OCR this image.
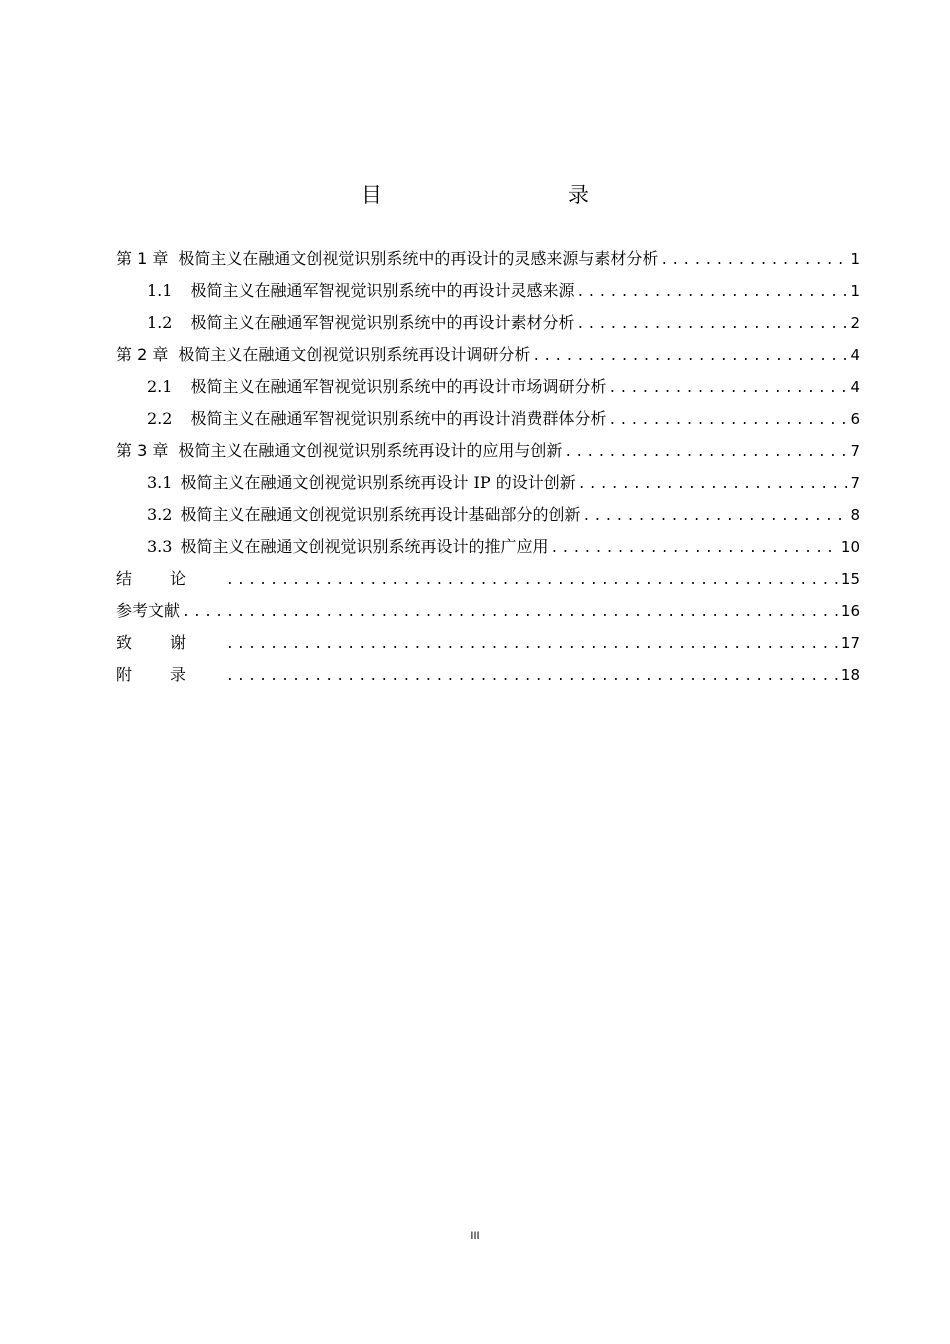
目　　录
第 1 章 极简主义在融通文创视觉识别系统中的再设计的灵感来源与素材分析 .....	1
1.1 极简主义在融通军智视觉识别系统中的再设计灵感来源 .....	1
1.2 极简主义在融通军智视觉识别系统中的再设计素材分析 .....	2
第 2 章 极简主义在融通文创视觉识别系统再设计调研分析 .....	4
2.1 极简主义在融通军智视觉识别系统中的再设计市场调研分析 .....	4
2.2 极简主义在融通军智视觉识别系统中的再设计消费群体分析 .....	6
第 3 章 极简主义在融通文创视觉识别系统再设计的应用与创新 .....	7
3.1 极简主义在融通文创视觉识别系统再设计 IP 的设计创新 .....	7
3.2 极简主义在融通文创视觉识别系统再设计基础部分的创新 .....	8
3.3 极简主义在融通文创视觉识别系统再设计的推广应用 .....	10
结论 .....	15
参考文献 .....	16
致谢 .....	17
附录 .....	18
III
